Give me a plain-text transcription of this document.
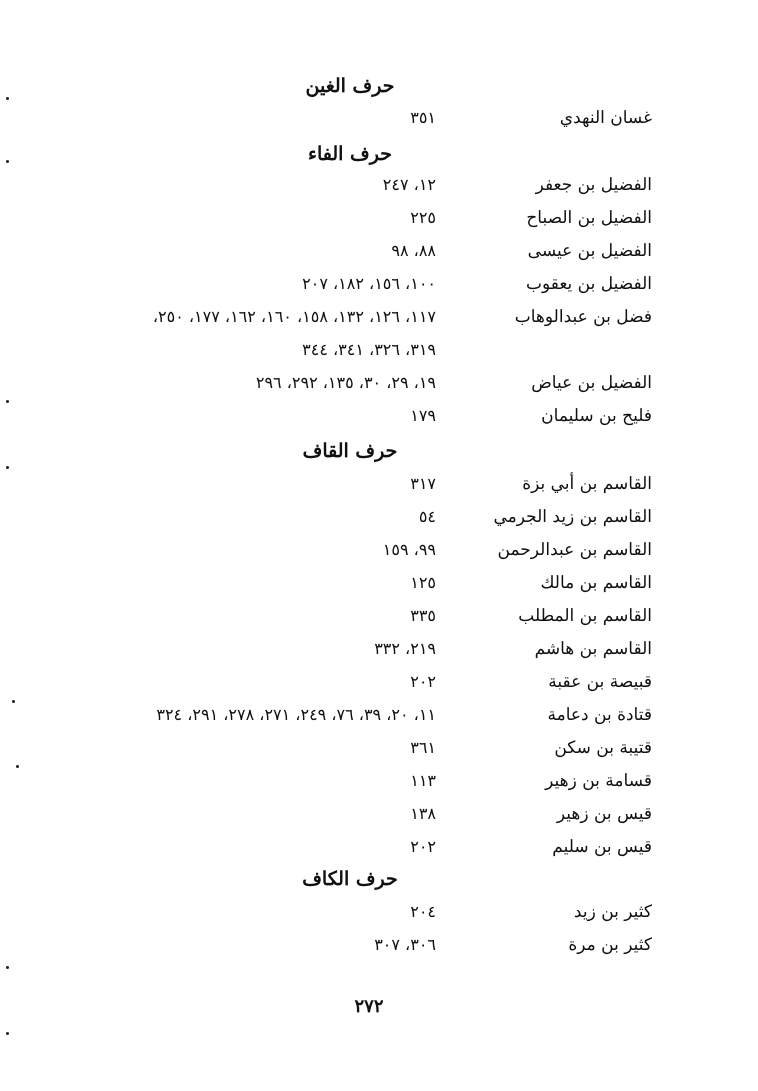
حرف الغين
غسان النهدي
٣٥١
حرف الفاء
الفضيل بن جعفر
١٢، ٢٤٧
الفضيل بن الصباح
٢٢٥
الفضيل بن عيسى
٨٨، ٩٨
الفضيل بن يعقوب
١٠٠، ١٥٦، ١٨٢، ٢٠٧
فضل بن عبدالوهاب
١١٧، ١٢٦، ١٣٢، ١٥٨، ١٦٠، ١٦٢، ١٧٧، ٢٥٠،
٣١٩، ٣٢٦، ٣٤١، ٣٤٤
الفضيل بن عياض
١٩، ٢٩، ٣٠، ١٣٥، ٢٩٢، ٢٩٦
فليح بن سليمان
١٧٩
حرف القاف
القاسم بن أبي بزة
٣١٧
القاسم بن زيد الجرمي
٥٤
القاسم بن عبدالرحمن
٩٩، ١٥٩
القاسم بن مالك
١٢٥
القاسم بن المطلب
٣٣٥
القاسم بن هاشم
٢١٩، ٣٣٢
قبيصة بن عقبة
٢٠٢
قتادة بن دعامة
١١، ٢٠، ٣٩، ٧٦، ٢٤٩، ٢٧١، ٢٧٨، ٢٩١، ٣٢٤
قتيبة بن سكن
٣٦١
قسامة بن زهير
١١٣
قيس بن زهير
١٣٨
قيس بن سليم
٢٠٢
حرف الكاف
كثير بن زيد
٢٠٤
كثير بن مرة
٣٠٦، ٣٠٧
٢٧٢
